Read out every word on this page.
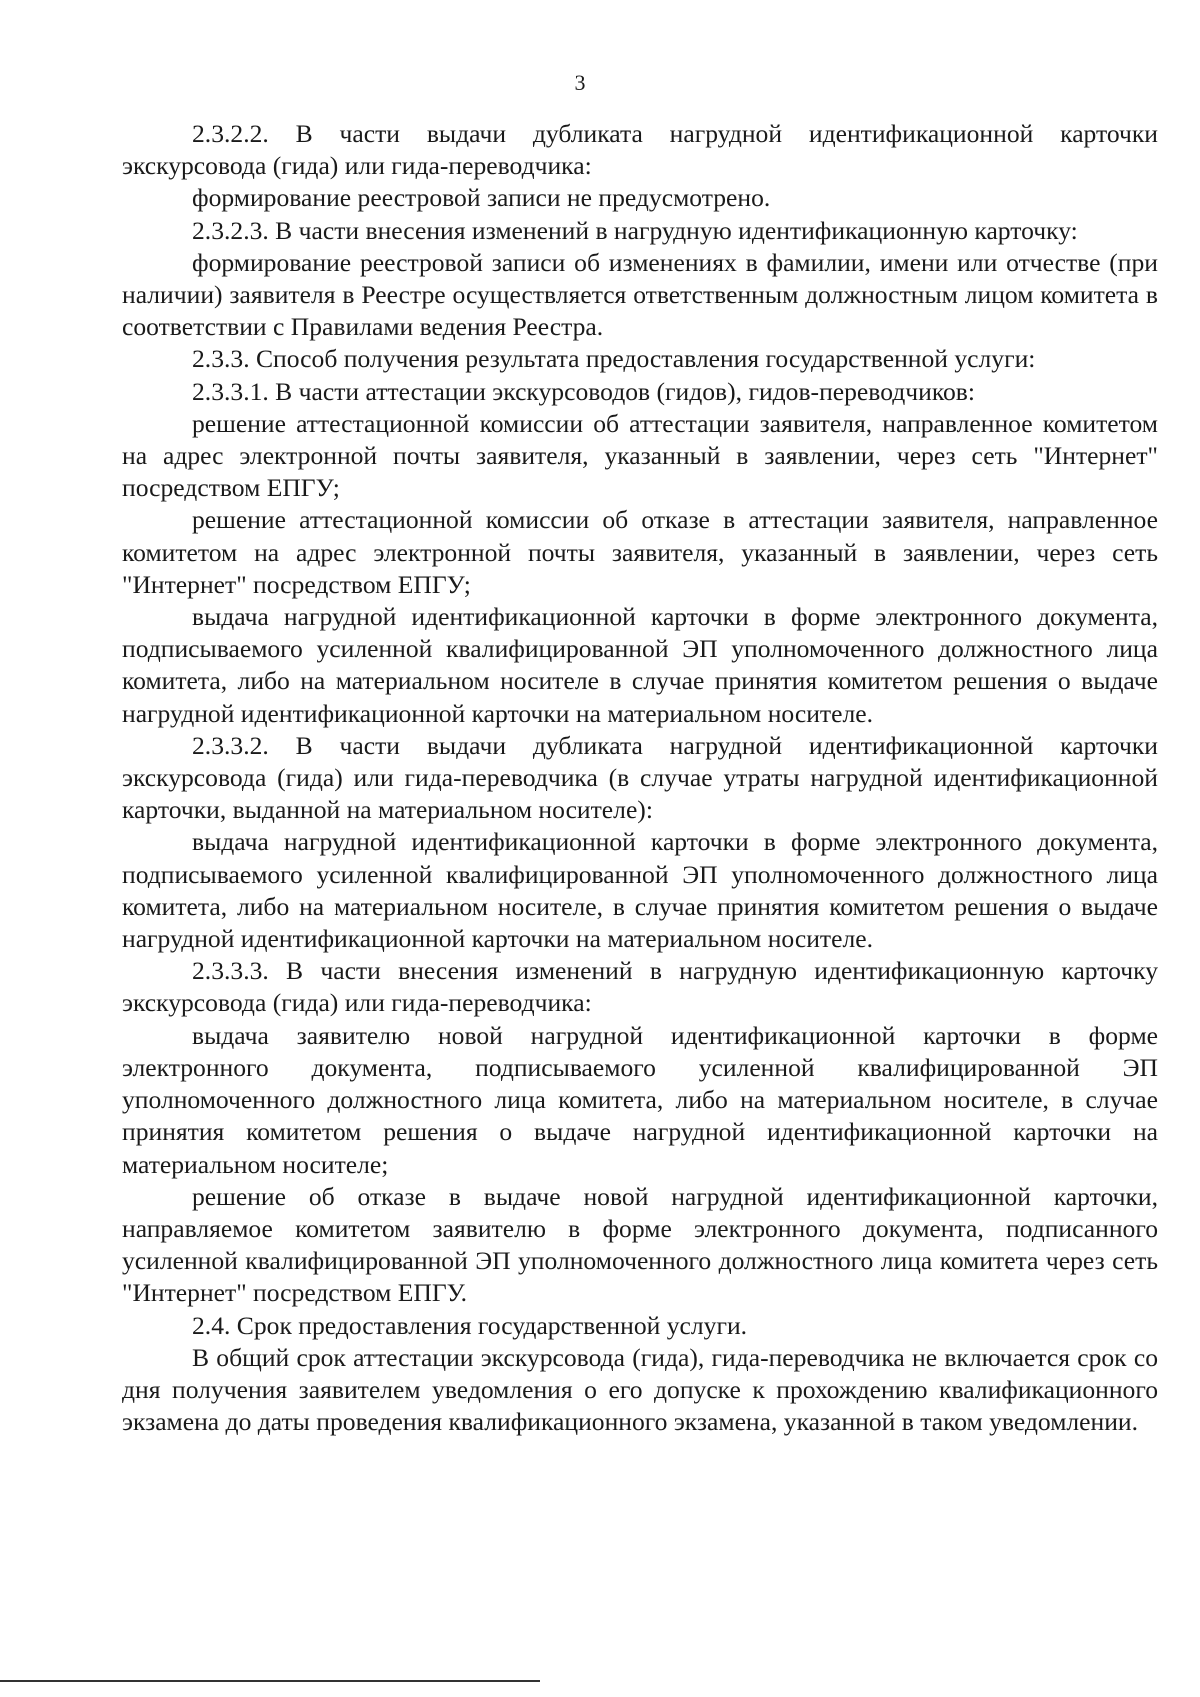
3

2.3.2.2. В части выдачи дубликата нагрудной идентификационной карточки экскурсовода (гида) или гида-переводчика:

формирование реестровой записи не предусмотрено.

2.3.2.3. В части внесения изменений в нагрудную идентификационную карточку:

формирование реестровой записи об изменениях в фамилии, имени или отчестве (при наличии) заявителя в Реестре осуществляется ответственным должностным лицом комитета в соответствии с Правилами ведения Реестра.

2.3.3. Способ получения результата предоставления государственной услуги:

2.3.3.1. В части аттестации экскурсоводов (гидов), гидов-переводчиков:

решение аттестационной комиссии об аттестации заявителя, направленное комитетом на адрес электронной почты заявителя, указанный в заявлении, через сеть "Интернет" посредством ЕПГУ;

решение аттестационной комиссии об отказе в аттестации заявителя, направленное комитетом на адрес электронной почты заявителя, указанный в заявлении, через сеть "Интернет" посредством ЕПГУ;

выдача нагрудной идентификационной карточки в форме электронного документа, подписываемого усиленной квалифицированной ЭП уполномоченного должностного лица комитета, либо на материальном носителе в случае принятия комитетом решения о выдаче нагрудной идентификационной карточки на материальном носителе.

2.3.3.2. В части выдачи дубликата нагрудной идентификационной карточки экскурсовода (гида) или гида-переводчика (в случае утраты нагрудной идентификационной карточки, выданной на материальном носителе):

выдача нагрудной идентификационной карточки в форме электронного документа, подписываемого усиленной квалифицированной ЭП уполномоченного должностного лица комитета, либо на материальном носителе, в случае принятия комитетом решения о выдаче нагрудной идентификационной карточки на материальном носителе.

2.3.3.3. В части внесения изменений в нагрудную идентификационную карточку экскурсовода (гида) или гида-переводчика:

выдача заявителю новой нагрудной идентификационной карточки в форме электронного документа, подписываемого усиленной квалифицированной ЭП уполномоченного должностного лица комитета, либо на материальном носителе, в случае принятия комитетом решения о выдаче нагрудной идентификационной карточки на материальном носителе;

решение об отказе в выдаче новой нагрудной идентификационной карточки, направляемое комитетом заявителю в форме электронного документа, подписанного усиленной квалифицированной ЭП уполномоченного должностного лица комитета через сеть "Интернет" посредством ЕПГУ.

2.4. Срок предоставления государственной услуги.

В общий срок аттестации экскурсовода (гида), гида-переводчика не включается срок со дня получения заявителем уведомления о его допуске к прохождению квалификационного экзамена до даты проведения квалификационного экзамена, указанной в таком уведомлении.
